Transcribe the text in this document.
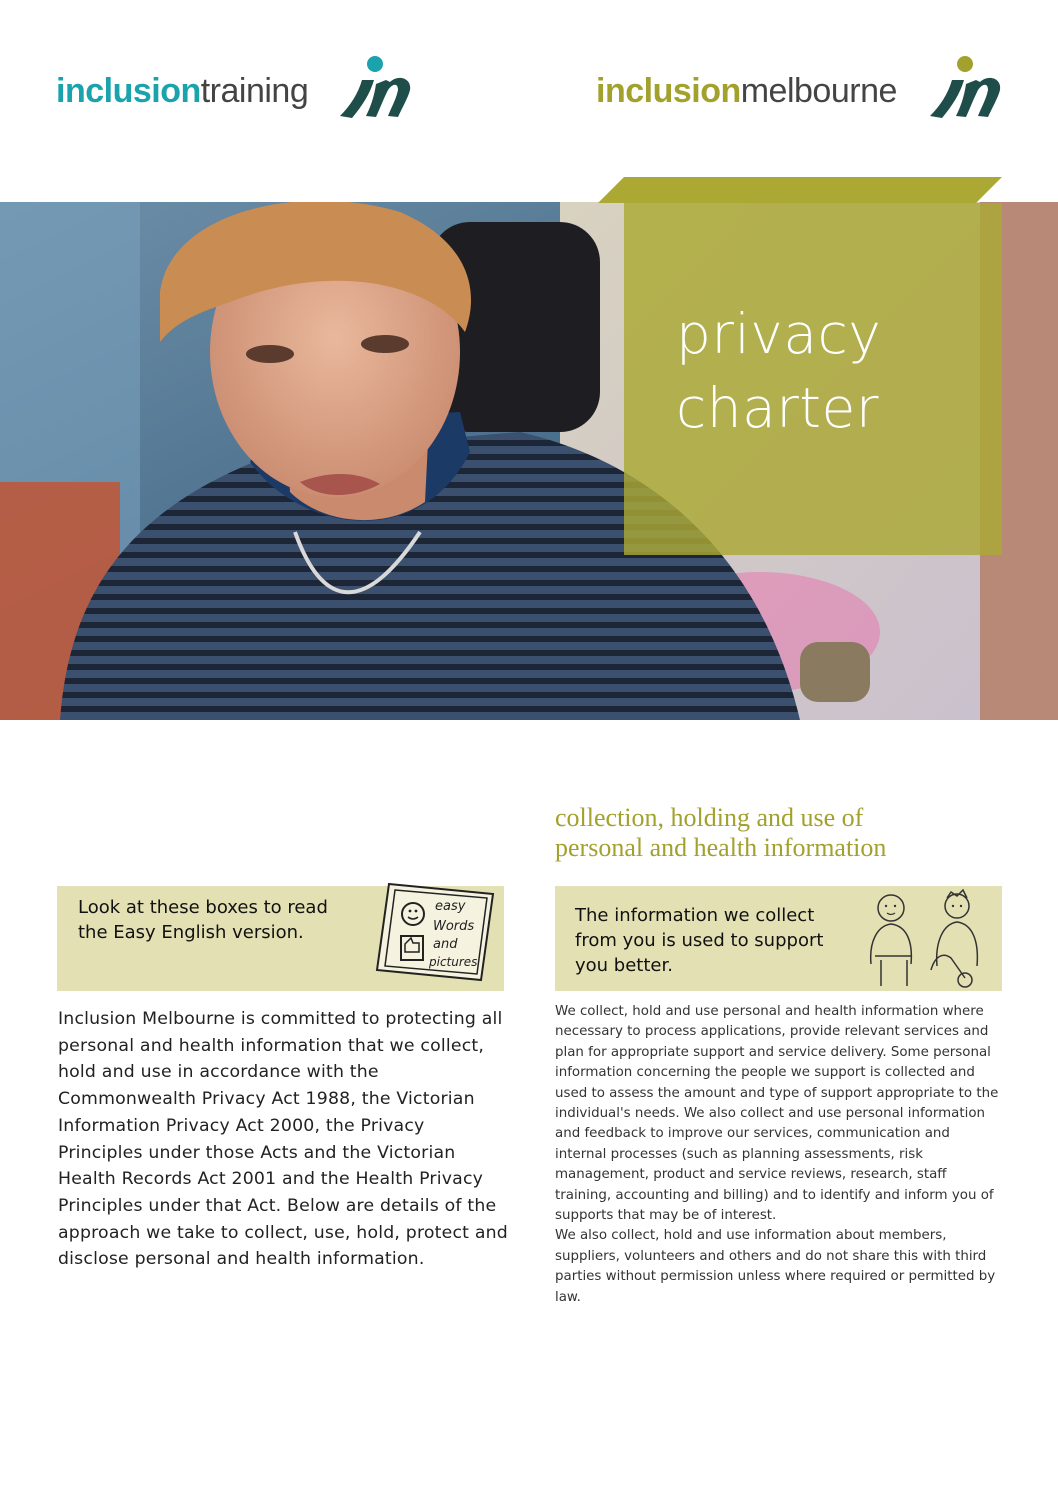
inclusiontraining	inclusionmelbourne
privacy
charter
collection, holding and use of
personal and health information
Look at these boxes to read the Easy English version.
easy
Words
and
pictures
The information we collect from you is used to support you better.
Inclusion Melbourne is committed to protecting all personal and health information that we collect, hold and use in accordance with the Commonwealth Privacy Act 1988, the Victorian Information Privacy Act 2000, the Privacy Principles under those Acts and the Victorian Health Records Act 2001 and the Health Privacy Principles under that Act. Below are details of the approach we take to collect, use, hold, protect and disclose personal and health information.

We collect, hold and use personal and health information where necessary to process applications, provide relevant services and plan for appropriate support and service delivery. Some personal information concerning the people we support is collected and used to assess the amount and type of support appropriate to the individual's needs. We also collect and use personal information and feedback to improve our services, communication and internal processes (such as planning assessments, risk management, product and service reviews, research, staff training, accounting and billing) and to identify and inform you of supports that may be of interest.

We also collect, hold and use information about members, suppliers, volunteers and others and do not share this with third parties without permission unless where required or permitted by law.
